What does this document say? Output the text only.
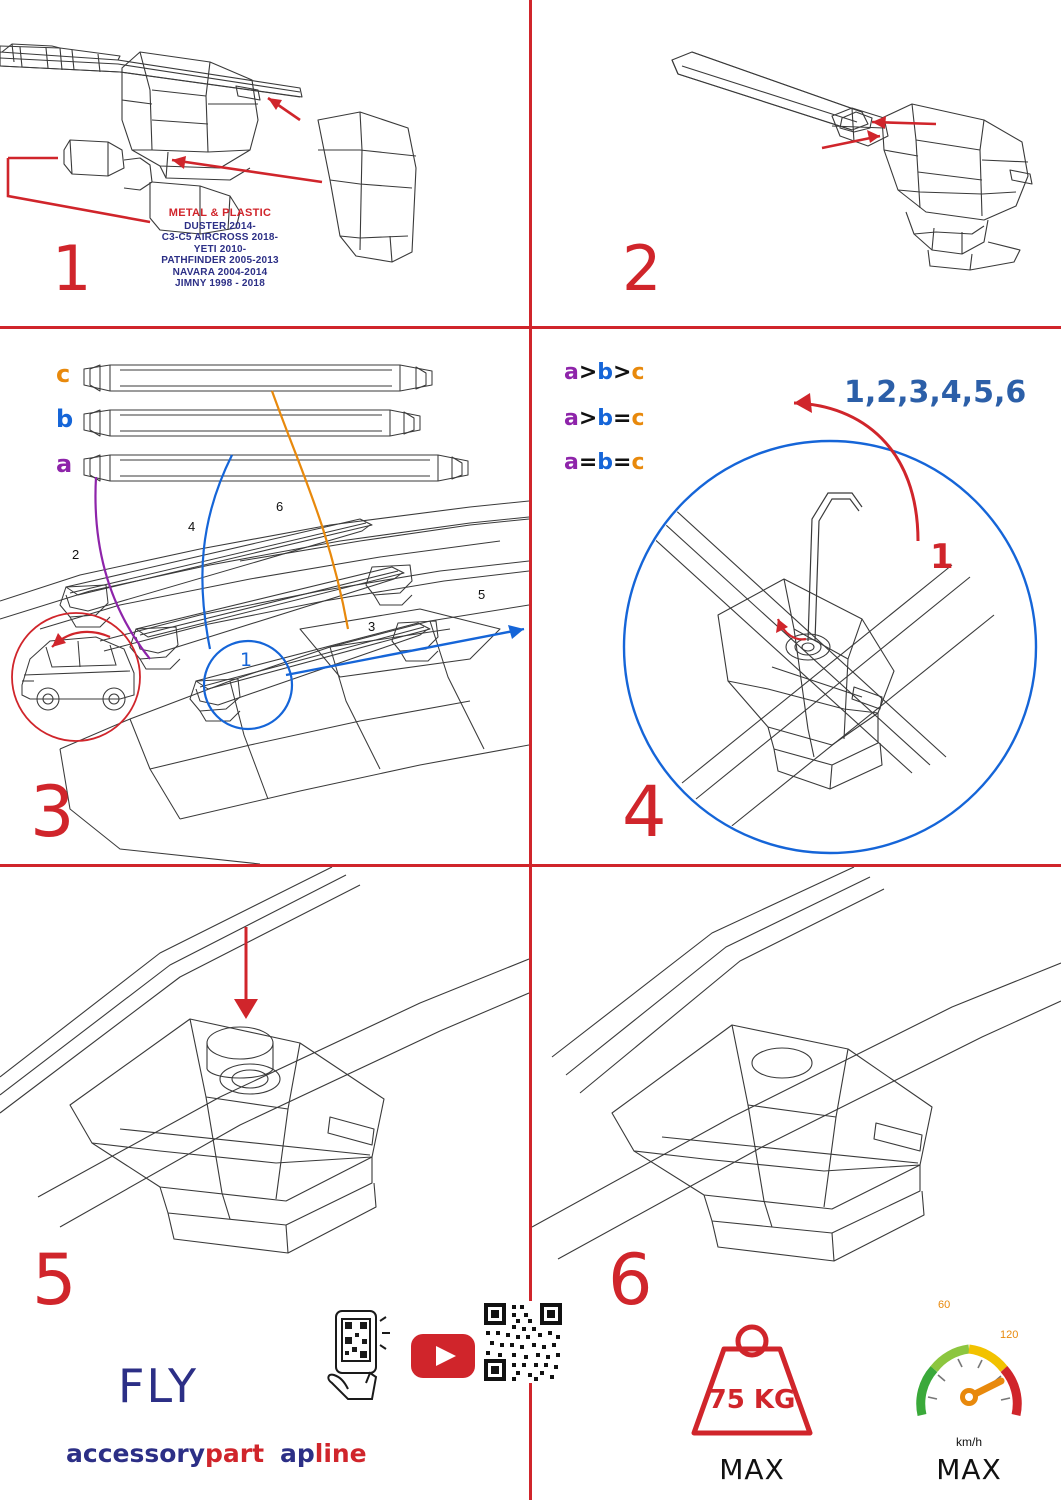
METAL & PLASTIC
DUSTER 2014-
C3-C5 AIRCROSS 2018-
YETI 2010-
PATHFINDER 2005-2013
NAVARA 2004-2014
JIMNY 1998 - 2018
1	2
c
b
a
2
4
6
3
5
1
3
a>b>c
a>b=c
a=b=c
1,2,3,4,5,6
1
4
5
FLY
accessorypart apline
6
75 KG
MAX
60
120
km/h
MAX
